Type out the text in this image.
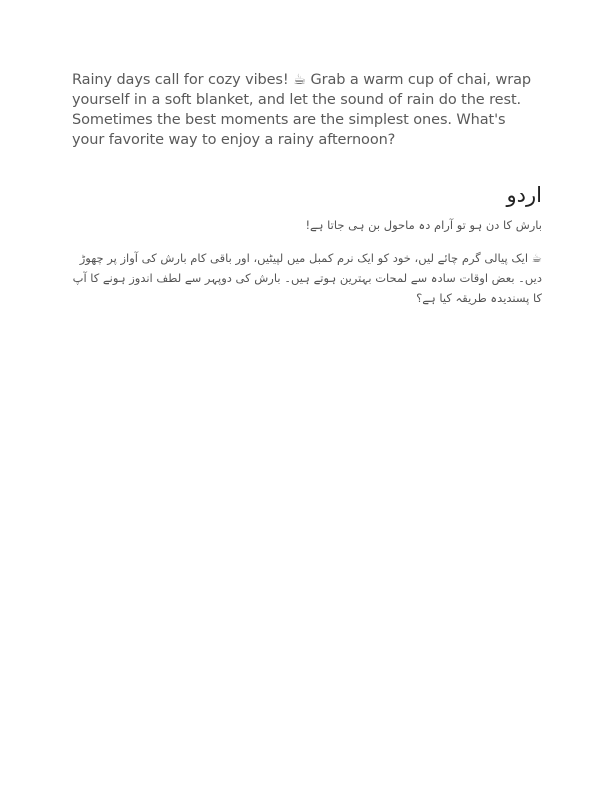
Rainy days call for cozy vibes! ☕ Grab a warm cup of chai, wrap yourself in a soft blanket, and let the sound of rain do the rest. Sometimes the best moments are the simplest ones. What's your favorite way to enjoy a rainy afternoon?

اردو

بارش کا دن ہو تو آرام دہ ماحول بن ہی جاتا ہے!

☕ ایک پیالی گرم چائے لیں، خود کو ایک نرم کمبل میں لپیٹیں، اور باقی کام بارش کی آواز پر چھوڑ دیں۔ بعض اوقات سادہ سے لمحات بہترین ہوتے ہیں۔ بارش کی دوپہر سے لطف اندوز ہونے کا آپ کا پسندیدہ طریقہ کیا ہے؟
